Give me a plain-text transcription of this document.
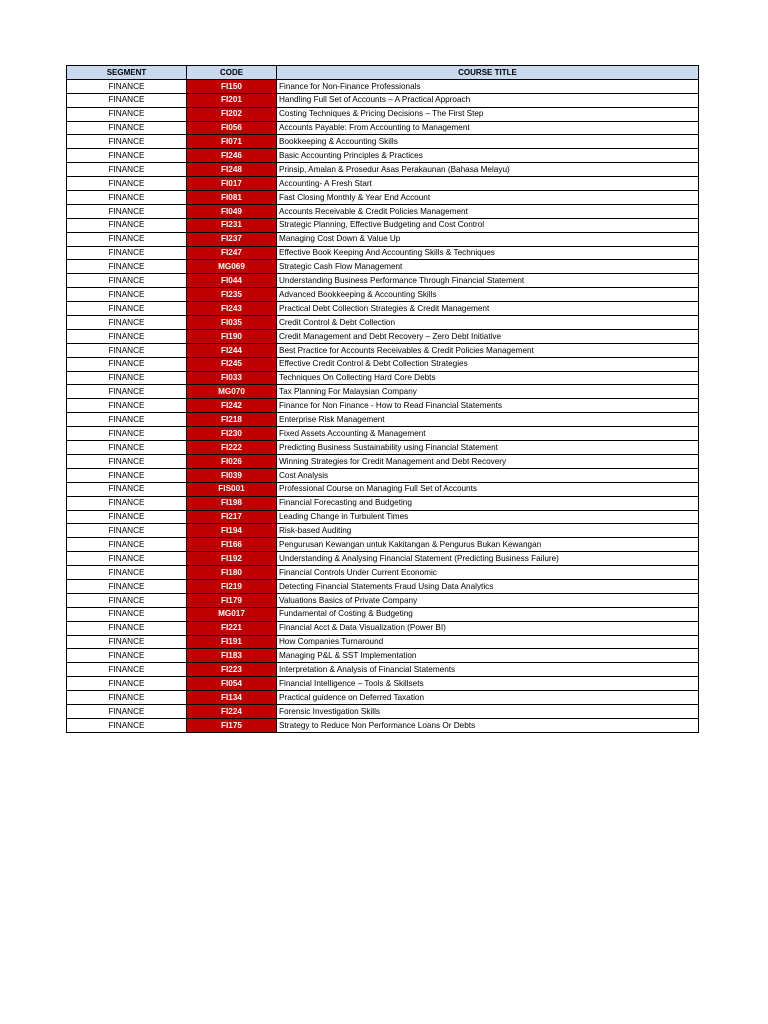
SEGMENT	CODE	COURSE TITLE
FINANCE	FI150	Finance for Non-Finance Professionals
FINANCE	FI201	Handling Full Set of Accounts – A Practical Approach
FINANCE	FI202	Costing Techniques & Pricing Decisions – The First Step
FINANCE	FI056	Accounts Payable: From Accounting to Management
FINANCE	FI071	Bookkeeping & Accounting Skills
FINANCE	FI246	Basic Accounting Principles & Practices
FINANCE	FI248	Prinsip, Amalan & Prosedur Asas Perakaunan (Bahasa Melayu)
FINANCE	FI017	Accounting- A Fresh Start
FINANCE	FI081	Fast Closing Monthly & Year End Account
FINANCE	FI049	Accounts Receivable & Credit Policies Management
FINANCE	FI231	Strategic Planning, Effective Budgeting and Cost Control
FINANCE	FI237	Managing Cost Down & Value Up
FINANCE	FI247	Effective Book Keeping And Accounting Skills & Techniques
FINANCE	MG069	Strategic Cash Flow Management
FINANCE	FI044	Understanding Business Performance Through Financial Statement
FINANCE	FI235	Advanced Bookkeeping & Accounting Skills
FINANCE	FI243	Practical Debt Collection Strategies & Credit Management
FINANCE	FI035	Credit Control & Debt Collection
FINANCE	FI190	Credit Management and Debt Recovery – Zero Debt Initiative
FINANCE	FI244	Best Practice for Accounts Receivables & Credit Policies Management
FINANCE	FI245	Effective Credit Control & Debt Collection Strategies
FINANCE	FI033	Techniques On Collecting Hard Core Debts
FINANCE	MG070	Tax Planning For Malaysian Company
FINANCE	FI242	Finance for Non Finance - How to Read Financial Statements
FINANCE	FI218	Enterprise Risk Management
FINANCE	FI230	Fixed Assets Accounting & Management
FINANCE	FI222	Predicting Business Sustainability using Financial Statement
FINANCE	FI026	Winning Strategies for Credit Management and Debt Recovery
FINANCE	FI039	Cost Analysis
FINANCE	FIS001	Professional Course on Managing Full Set of Accounts
FINANCE	FI198	Financial Forecasting and Budgeting
FINANCE	FI217	Leading Change in Turbulent Times
FINANCE	FI194	Risk-based Auditing
FINANCE	FI166	Pengurusan Kewangan untuk Kakitangan & Pengurus Bukan Kewangan
FINANCE	FI192	Understanding & Analysing Financial Statement (Predicting Business Failure)
FINANCE	FI180	Financial Controls Under Current Economic
FINANCE	FI219	Detecting Financial Statements Fraud Using Data Analytics
FINANCE	FI179	Valuations Basics of Private Company
FINANCE	MG017	Fundamental of Costing & Budgeting
FINANCE	FI221	Financial Acct & Data Visualization (Power BI)
FINANCE	FI191	How Companies Turnaround
FINANCE	FI183	Managing P&L & SST Implementation
FINANCE	FI223	Interpretation & Analysis of Financial Statements
FINANCE	FI054	Financial Intelligence – Tools & Skillsets
FINANCE	FI134	Practical guidence on Deferred Taxation
FINANCE	FI224	Forensic Investigation Skills
FINANCE	FI175	Strategy to Reduce Non Performance Loans Or Debts
